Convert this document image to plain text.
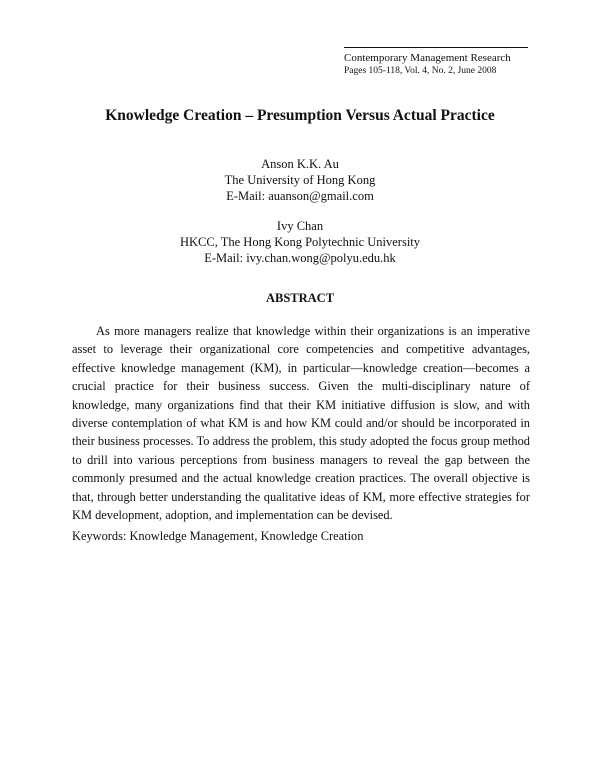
Contemporary Management Research
Pages 105-118, Vol. 4, No. 2, June 2008
Knowledge Creation – Presumption Versus Actual Practice
Anson K.K. Au
The University of Hong Kong
E-Mail: auanson@gmail.com
Ivy Chan
HKCC, The Hong Kong Polytechnic University
E-Mail: ivy.chan.wong@polyu.edu.hk
ABSTRACT

As more managers realize that knowledge within their organizations is an imperative asset to leverage their organizational core competencies and competitive advantages, effective knowledge management (KM), in particular—knowledge creation—becomes a crucial practice for their business success. Given the multi-disciplinary nature of knowledge, many organizations find that their KM initiative diffusion is slow, and with diverse contemplation of what KM is and how KM could and/or should be incorporated in their business processes. To address the problem, this study adopted the focus group method to drill into various perceptions from business managers to reveal the gap between the commonly presumed and the actual knowledge creation practices. The overall objective is that, through better understanding the qualitative ideas of KM, more effective strategies for KM development, adoption, and implementation can be devised.

Keywords: Knowledge Management, Knowledge Creation
